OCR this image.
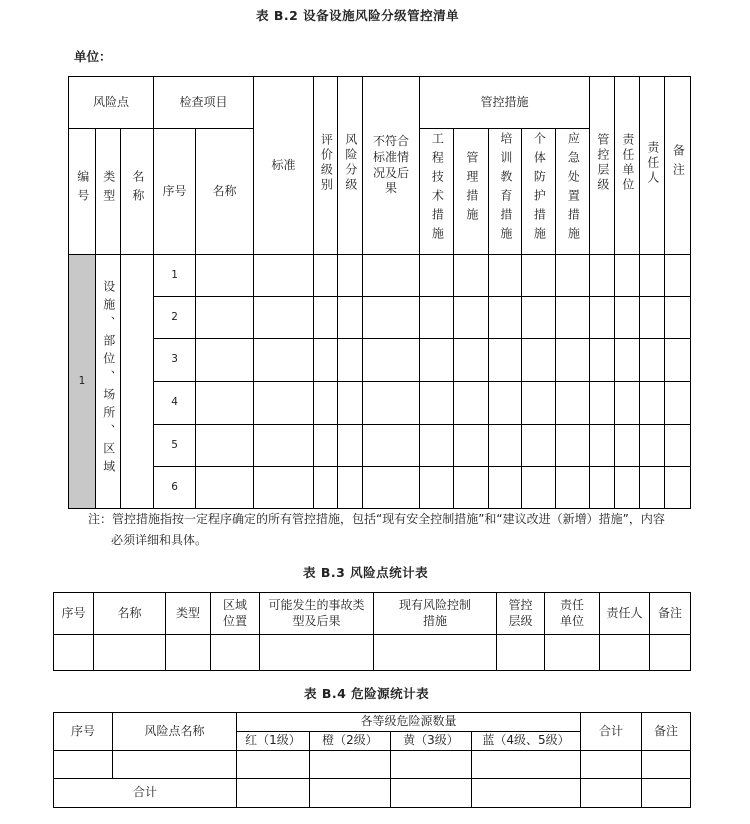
表 B.2 设备设施风险分级管控清单
单位：
风险点			检查项目		标准	评价级别	风险分级	不符合标准情况及后果	管控措施					管控层级	责任单位	责任人	备注
编号	类型	名称	序号	名称					工程技术措施	管理措施	培训教育措施	个体防护措施	应急处置措施				
1	设施、部位、场所、区域		1														
			2														
			3														
			4														
			5														
			6														
注：管控措施指按一定程序确定的所有管控措施，包括“现有安全控制措施”和“建议改进（新增）措施”，内容
必须详细和具体。
表 B.3 风险点统计表
序号	名称	类型	区域位置	可能发生的事故类型及后果	现有风险控制措施	管控层级	责任单位	责任人	备注

表 B.4 危险源统计表
序号	风险点名称	各等级危险源数量				合计	备注
		红（1级）	橙（2级）	黄（3级）	蓝（4级、5级）		

合计							
